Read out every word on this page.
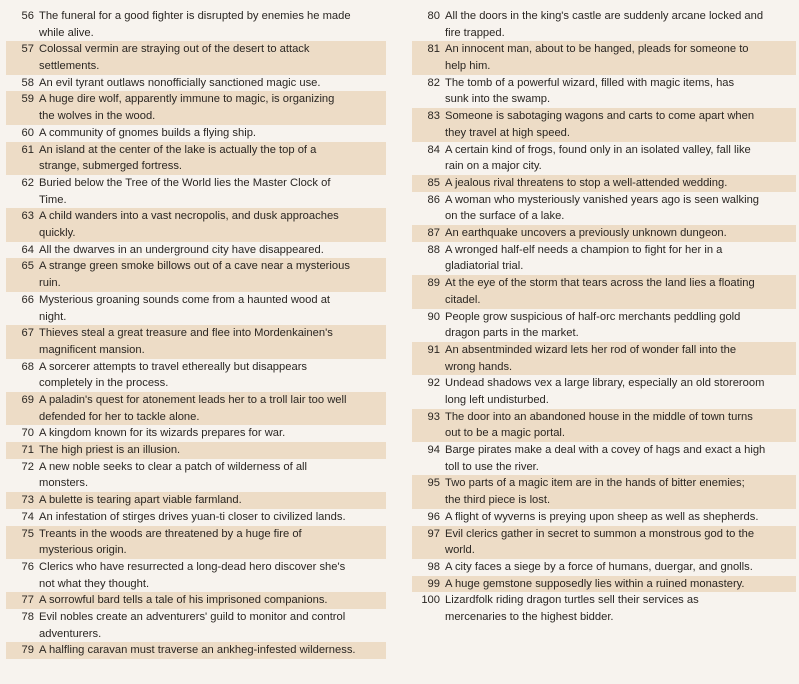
56 The funeral for a good fighter is disrupted by enemies he made
while alive.
57 Colossal vermin are straying out of the desert to attack
settlements.
58 An evil tyrant outlaws nonofficially sanctioned magic use.
59 A huge dire wolf, apparently immune to magic, is organizing
the wolves in the wood.
60 A community of gnomes builds a flying ship.
61 An island at the center of the lake is actually the top of a
strange, submerged fortress.
62 Buried below the Tree of the World lies the Master Clock of
Time.
63 A child wanders into a vast necropolis, and dusk approaches
quickly.
64 All the dwarves in an underground city have disappeared.
65 A strange green smoke billows out of a cave near a mysterious
ruin.
66 Mysterious groaning sounds come from a haunted wood at
night.
67 Thieves steal a great treasure and flee into Mordenkainen's
magnificent mansion.
68 A sorcerer attempts to travel ethereally but disappears
completely in the process.
69 A paladin's quest for atonement leads her to a troll lair too well
defended for her to tackle alone.
70 A kingdom known for its wizards prepares for war.
71 The high priest is an illusion.
72 A new noble seeks to clear a patch of wilderness of all
monsters.
73 A bulette is tearing apart viable farmland.
74 An infestation of stirges drives yuan-ti closer to civilized lands.
75 Treants in the woods are threatened by a huge fire of
mysterious origin.
76 Clerics who have resurrected a long-dead hero discover she's
not what they thought.
77 A sorrowful bard tells a tale of his imprisoned companions.
78 Evil nobles create an adventurers' guild to monitor and control
adventurers.
79 A halfling caravan must traverse an ankheg-infested wilderness.
80 All the doors in the king's castle are suddenly arcane locked and
fire trapped.
81 An innocent man, about to be hanged, pleads for someone to
help him.
82 The tomb of a powerful wizard, filled with magic items, has
sunk into the swamp.
83 Someone is sabotaging wagons and carts to come apart when
they travel at high speed.
84 A certain kind of frogs, found only in an isolated valley, fall like
rain on a major city.
85 A jealous rival threatens to stop a well-attended wedding.
86 A woman who mysteriously vanished years ago is seen walking
on the surface of a lake.
87 An earthquake uncovers a previously unknown dungeon.
88 A wronged half-elf needs a champion to fight for her in a
gladiatorial trial.
89 At the eye of the storm that tears across the land lies a floating
citadel.
90 People grow suspicious of half-orc merchants peddling gold
dragon parts in the market.
91 An absentminded wizard lets her rod of wonder fall into the
wrong hands.
92 Undead shadows vex a large library, especially an old storeroom
long left undisturbed.
93 The door into an abandoned house in the middle of town turns
out to be a magic portal.
94 Barge pirates make a deal with a covey of hags and exact a high
toll to use the river.
95 Two parts of a magic item are in the hands of bitter enemies;
the third piece is lost.
96 A flight of wyverns is preying upon sheep as well as shepherds.
97 Evil clerics gather in secret to summon a monstrous god to the
world.
98 A city faces a siege by a force of humans, duergar, and gnolls.
99 A huge gemstone supposedly lies within a ruined monastery.
100 Lizardfolk riding dragon turtles sell their services as
mercenaries to the highest bidder.
